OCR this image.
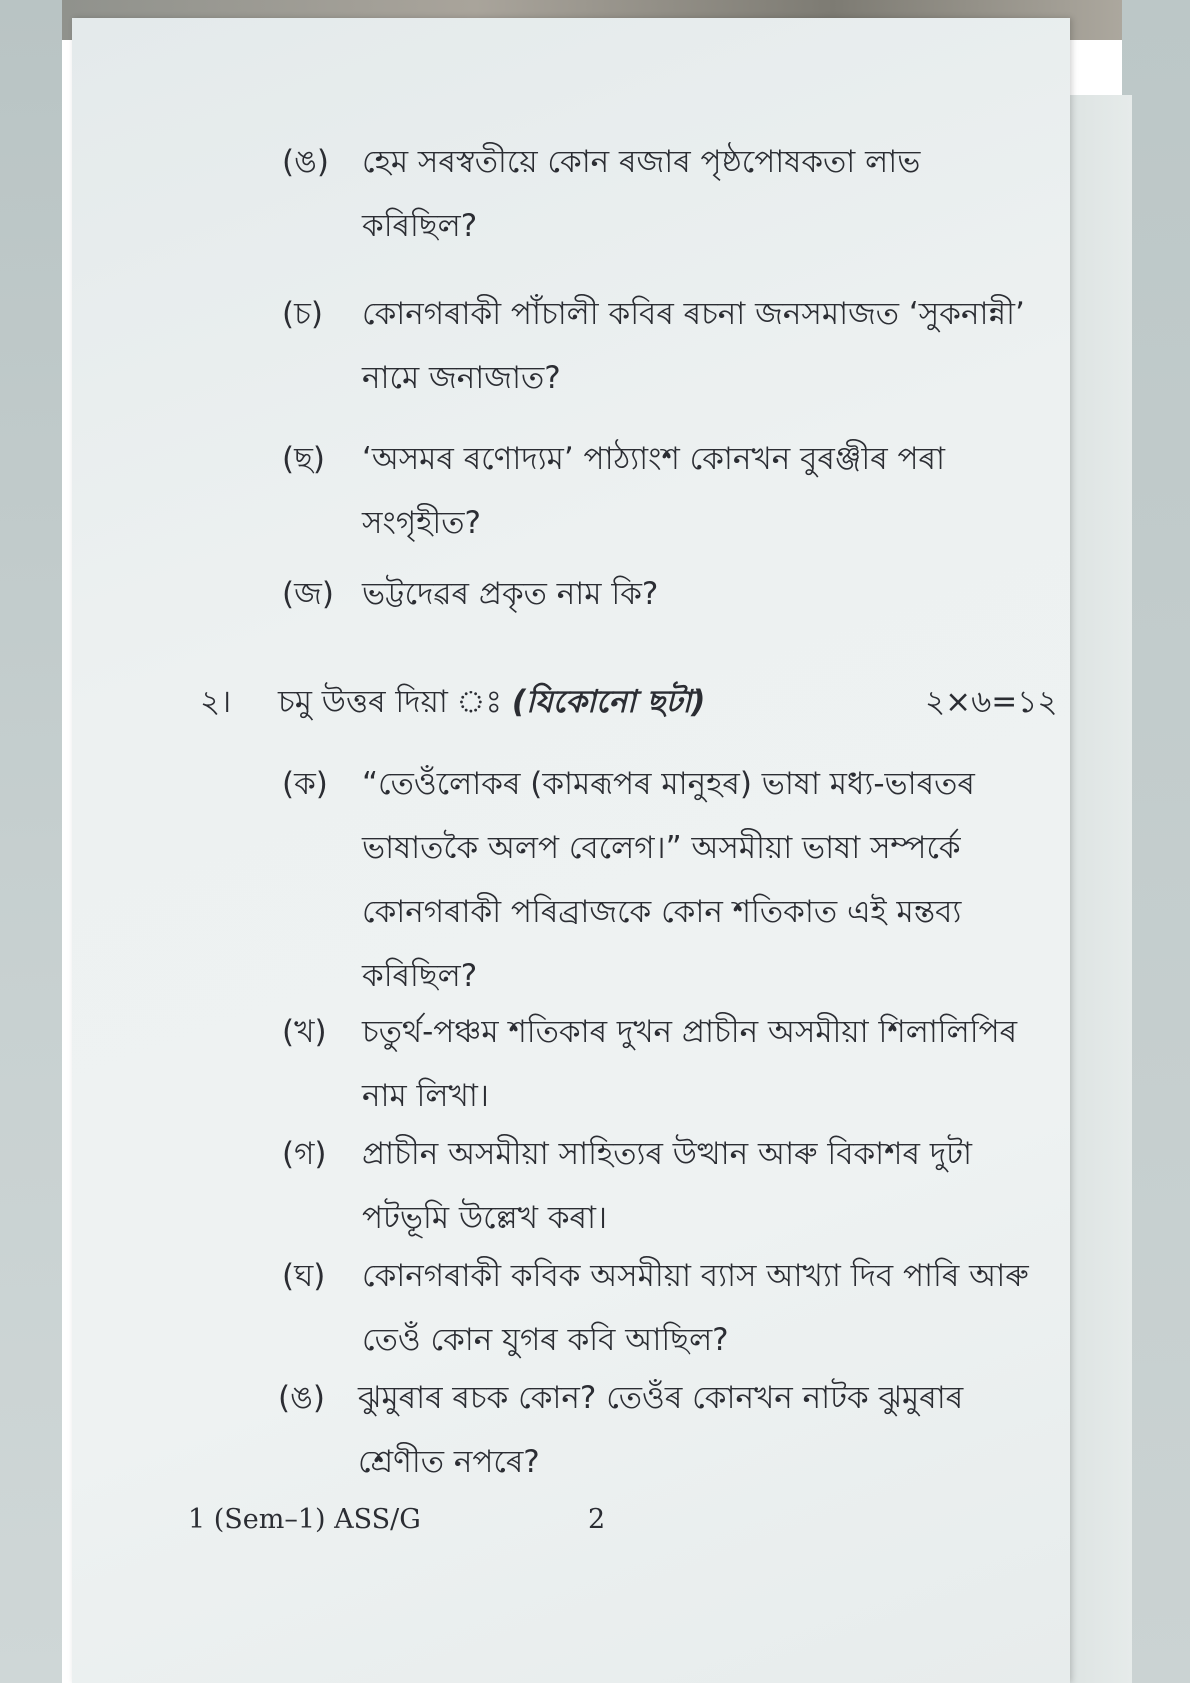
(ঙ) হেম সৰস্বতীয়ে কোন ৰজাৰ পৃষ্ঠপোষকতা লাভ
কৰিছিল?
(চ) কোনগৰাকী পাঁচালী কবিৰ ৰচনা জনসমাজত ‘সুকনান্নী’
নামে জনাজাত?
(ছ) ‘অসমৰ ৰণোদ্যম’ পাঠ্যাংশ কোনখন বুৰঞ্জীৰ পৰা
সংগৃহীত?
(জ) ভট্টদেৱৰ প্ৰকৃত নাম কি?
২। চমু উত্তৰ দিয়া ঃ (যিকোনো ছটা)	২×৬=১২
(ক) “তেওঁলোকৰ (কামৰূপৰ মানুহৰ) ভাষা মধ্য-ভাৰতৰ
ভাষাতকৈ অলপ বেলেগ।” অসমীয়া ভাষা সম্পৰ্কে
কোনগৰাকী পৰিব্ৰাজকে কোন শতিকাত এই মন্তব্য
কৰিছিল?
(খ) চতুৰ্থ-পঞ্চম শতিকাৰ দুখন প্ৰাচীন অসমীয়া শিলালিপিৰ
নাম লিখা।
(গ) প্ৰাচীন অসমীয়া সাহিত্যৰ উত্থান আৰু বিকাশৰ দুটা
পটভূমি উল্লেখ কৰা।
(ঘ) কোনগৰাকী কবিক অসমীয়া ব্যাস আখ্যা দিব পাৰি আৰু
তেওঁ কোন যুগৰ কবি আছিল?
(ঙ) ঝুমুৰাৰ ৰচক কোন? তেওঁৰ কোনখন নাটক ঝুমুৰাৰ
শ্ৰেণীত নপৰে?
1 (Sem–1) ASS/G	2
